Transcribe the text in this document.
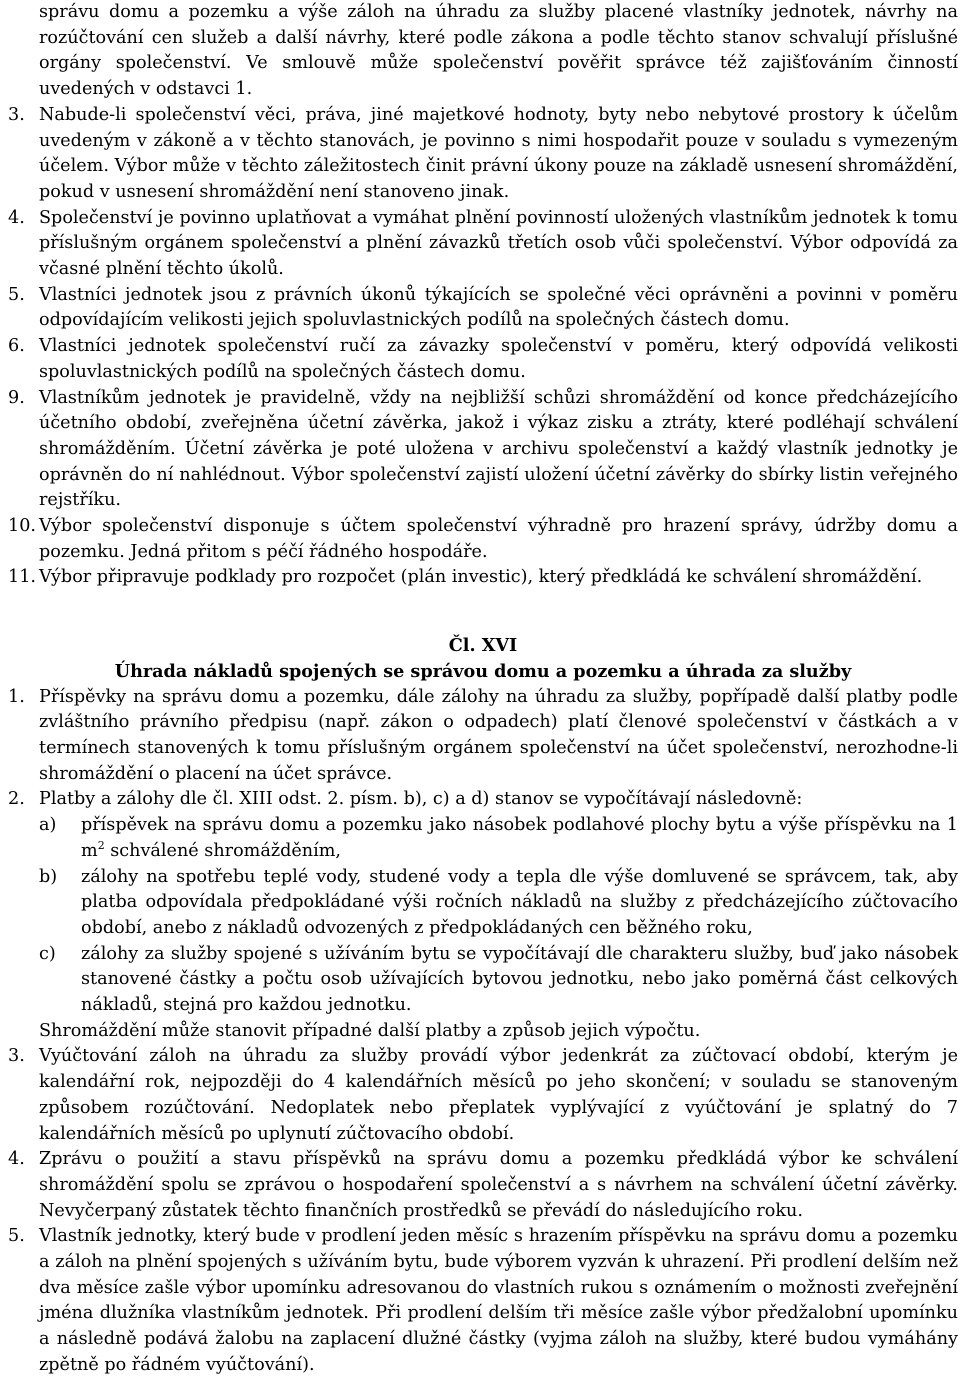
správu domu a pozemku a výše záloh na úhradu za služby placené vlastníky jednotek, návrhy na rozúčtování cen služeb a další návrhy, které podle zákona a podle těchto stanov schvalují příslušné orgány společenství. Ve smlouvě může společenství pověřit správce též zajišťováním činností uvedených v odstavci 1.
3. Nabude-li společenství věci, práva, jiné majetkové hodnoty, byty nebo nebytové prostory k účelům uvedeným v zákoně a v těchto stanovách, je povinno s nimi hospodařit pouze v souladu s vymezeným účelem. Výbor může v těchto záležitostech činit právní úkony pouze na základě usnesení shromáždění, pokud v usnesení shromáždění není stanoveno jinak.
4. Společenství je povinno uplatňovat a vymáhat plnění povinností uložených vlastníkům jednotek k tomu příslušným orgánem společenství a plnění závazků třetích osob vůči společenství. Výbor odpovídá za včasné plnění těchto úkolů.
5. Vlastníci jednotek jsou z právních úkonů týkajících se společné věci oprávněni a povinni v poměru odpovídajícím velikosti jejich spoluvlastnických podílů na společných částech domu.
6. Vlastníci jednotek společenství ručí za závazky společenství v poměru, který odpovídá velikosti spoluvlastnických podílů na společných částech domu.
9. Vlastníkům jednotek je pravidelně, vždy na nejbližší schůzi shromáždění od konce předcházejícího účetního období, zveřejněna účetní závěrka, jakož i výkaz zisku a ztráty, které podléhají schválení shromážděním. Účetní závěrka je poté uložena v archivu společenství a každý vlastník jednotky je oprávněn do ní nahlédnout. Výbor společenství zajistí uložení účetní závěrky do sbírky listin veřejného rejstříku.
10. Výbor společenství disponuje s účtem společenství výhradně pro hrazení správy, údržby domu a pozemku. Jedná přitom s péčí řádného hospodáře.
11. Výbor připravuje podklady pro rozpočet (plán investic), který předkládá ke schválení shromáždění.
Čl. XVI
Úhrada nákladů spojených se správou domu a pozemku a úhrada za služby
1. Příspěvky na správu domu a pozemku, dále zálohy na úhradu za služby, popřípadě další platby podle zvláštního právního předpisu (např. zákon o odpadech) platí členové společenství v částkách a v termínech stanovených k tomu příslušným orgánem společenství na účet společenství, nerozhodne-li shromáždění o placení na účet správce.
2. Platby a zálohy dle čl. XIII odst. 2. písm. b), c) a d) stanov se vypočítávají následovně:
a)	příspěvek na správu domu a pozemku jako násobek podlahové plochy bytu a výše příspěvku na 1 $m^2$ schválené shromážděním,
b)	zálohy na spotřebu teplé vody, studené vody a tepla dle výše domluvené se správcem, tak, aby platba odpovídala předpokládané výši ročních nákladů na služby z předcházejícího zúčtovacího období, anebo z nákladů odvozených z předpokládaných cen běžného roku,
c)	zálohy za služby spojené s užíváním bytu se vypočítávají dle charakteru služby, buď jako násobek stanovené částky a počtu osob užívajících bytovou jednotku, nebo jako poměrná část celkových nákladů, stejná pro každou jednotku.
Shromáždění může stanovit případné další platby a způsob jejich výpočtu.
3. Vyúčtování záloh na úhradu za služby provádí výbor jedenkrát za zúčtovací období, kterým je kalendářní rok, nejpozději do 4 kalendářních měsíců po jeho skončení; v souladu se stanoveným způsobem rozúčtování. Nedoplatek nebo přeplatek vyplývající z vyúčtování je splatný do 7 kalendářních měsíců po uplynutí zúčtovacího období.
4. Zprávu o použití a stavu příspěvků na správu domu a pozemku předkládá výbor ke schválení shromáždění spolu se zprávou o hospodaření společenství a s návrhem na schválení účetní závěrky. Nevyčerpaný zůstatek těchto finančních prostředků se převádí do následujícího roku.
5. Vlastník jednotky, který bude v prodlení jeden měsíc s hrazením příspěvku na správu domu a pozemku a záloh na plnění spojených s užíváním bytu, bude výborem vyzván k uhrazení. Při prodlení delším než dva měsíce zašle výbor upomínku adresovanou do vlastních rukou s oznámením o možnosti zveřejnění jména dlužníka vlastníkům jednotek. Při prodlení delším tři měsíce zašle výbor předžalobní upomínku a následně podává žalobu na zaplacení dlužné částky (vyjma záloh na služby, které budou vymáhány zpětně po řádném vyúčtování).
